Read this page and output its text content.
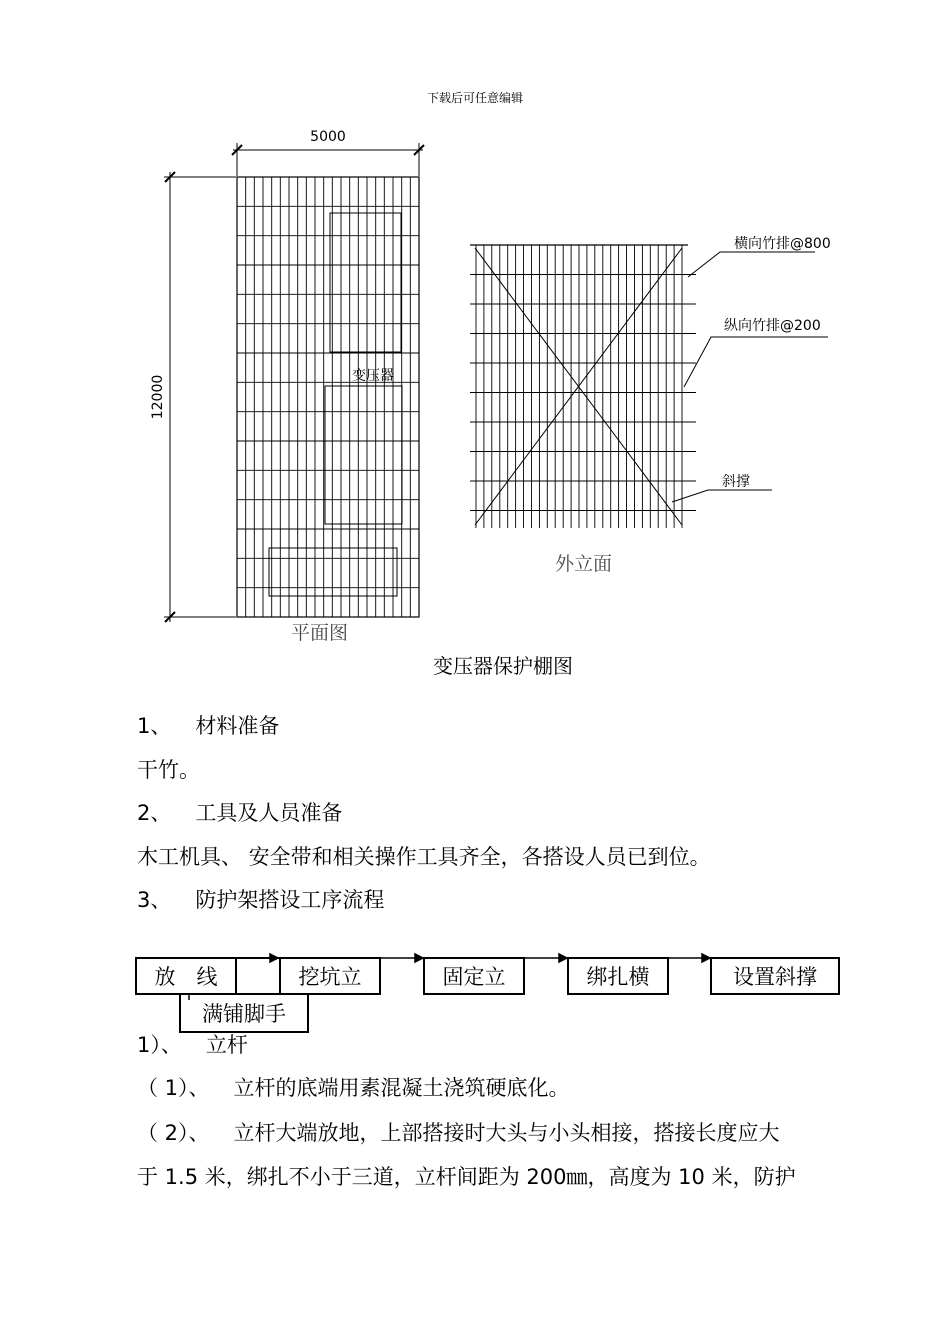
下载后可任意编辑
5000
12000	变压器
平面图
横向竹排@800
纵向竹排@200
斜撑
外立面
变压器保护棚图
1、 材料准备
干竹。
2、 工具及人员准备
木工机具、 安全带和相关操作工具齐全，各搭设人员已到位。
3、 防护架搭设工序流程
放　线	挖坑立	固定立	绑扎横	设置斜撑
满铺脚手
1）、 立杆
（ 1）、 立杆的底端用素混凝土浇筑硬底化。
（ 2）、 立杆大端放地，上部搭接时大头与小头相接，搭接长度应大
于 1.5 米，绑扎不小于三道，立杆间距为 200㎜，高度为 10 米，防护
